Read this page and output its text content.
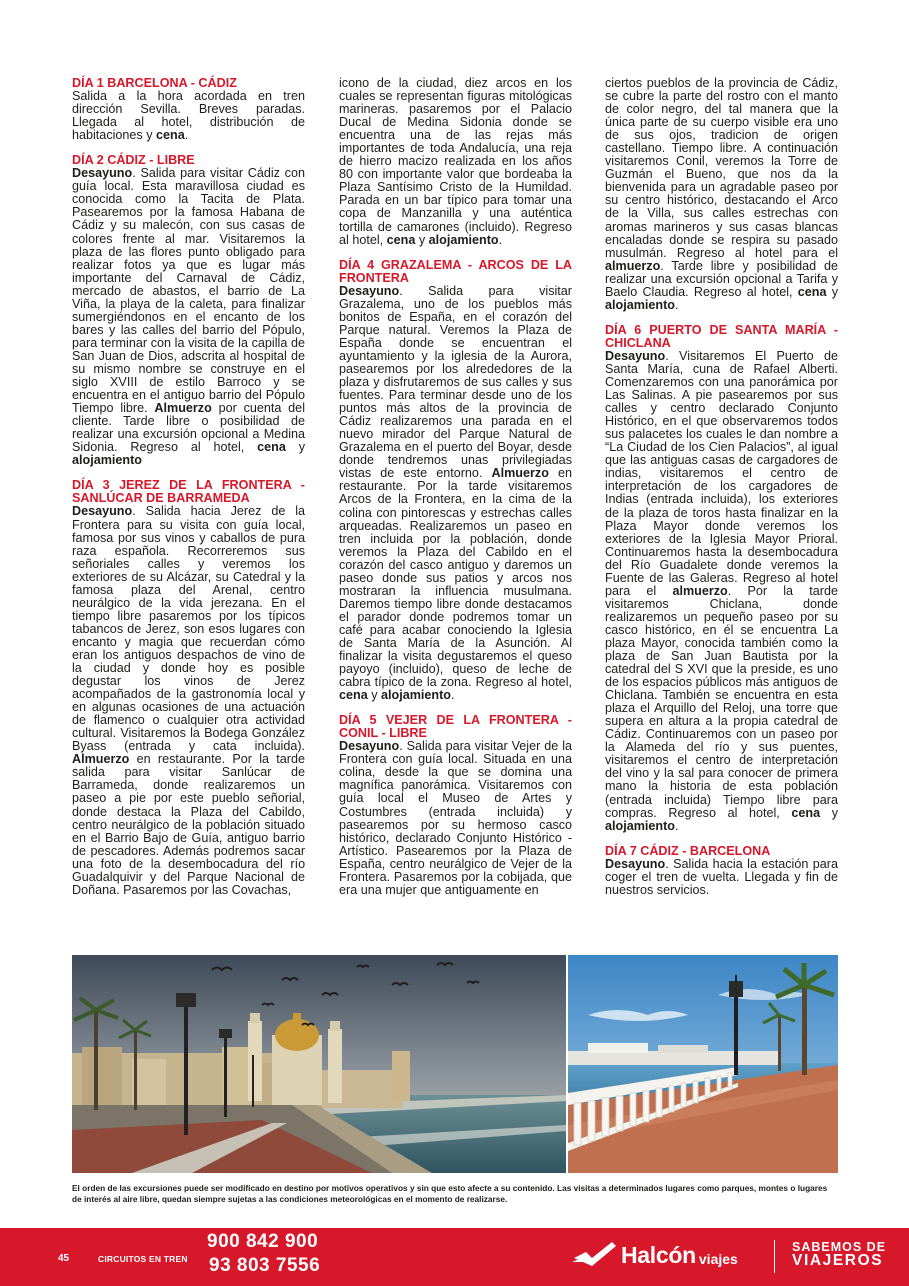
DÍA 1 BARCELONA - CÁDIZ

Salida a la hora acordada en tren dirección Sevilla. Breves paradas. Llegada al hotel, distribución de habitaciones y cena.

DÍA 2 CÁDIZ - LIBRE

Desayuno. Salida para visitar Cádiz con guía local. Esta maravillosa ciudad es conocida como la Tacita de Plata. Pasearemos por la famosa Habana de Cádiz y su malecón, con sus casas de colores frente al mar. Visitaremos la plaza de las flores punto obligado para realizar fotos ya que es lugar más importante del Carnaval de Cádiz, mercado de abastos, el barrio de La Viña, la playa de la caleta, para finalizar sumergiéndonos en el encanto de los bares y las calles del barrio del Pópulo, para terminar con la visita de la capilla de San Juan de Dios, adscrita al hospital de su mismo nombre se construye en el siglo XVIII de estilo Barroco y se encuentra en el antiguo barrio del Pópulo Tiempo libre. Almuerzo por cuenta del cliente. Tarde libre o posibilidad de realizar una excursión opcional a Medina Sidonia. Regreso al hotel, cena y alojamiento

DÍA 3 JEREZ DE LA FRONTERA - SANLÚCAR DE BARRAMEDA

Desayuno. Salida hacia Jerez de la Frontera para su visita con guía local, famosa por sus vinos y caballos de pura raza española. Recorreremos sus señoriales calles y veremos los exteriores de su Alcázar, su Catedral y la famosa plaza del Arenal, centro neurálgico de la vida jerezana. En el tiempo libre pasaremos por los típicos tabancos de Jerez, son esos lugares con encanto y magia que recuerdan cómo eran los antiguos despachos de vino de la ciudad y donde hoy es posible degustar los vinos de Jerez acompañados de la gastronomía local y en algunas ocasiones de una actuación de flamenco o cualquier otra actividad cultural. Visitaremos la Bodega González Byass (entrada y cata incluida). Almuerzo en restaurante. Por la tarde salida para visitar Sanlúcar de Barrameda, donde realizaremos un paseo a pie por este pueblo señorial, donde destaca la Plaza del Cabildo, centro neurálgico de la población situado en el Barrio Bajo de Guía, antiguo barrio de pescadores. Además podremos sacar una foto de la desembocadura del río Guadalquivir y del Parque Nacional de Doñana. Pasaremos por las Covachas,

icono de la ciudad, diez arcos en los cuales se representan figuras mitológicas marineras. pasaremos por el Palacio Ducal de Medina Sidonia donde se encuentra una de las rejas más importantes de toda Andalucía, una reja de hierro macizo realizada en los años 80 con importante valor que bordeaba la Plaza Santísimo Cristo de la Humildad. Parada en un bar típico para tomar una copa de Manzanilla y una auténtica tortilla de camarones (incluido). Regreso al hotel, cena y alojamiento.

DÍA 4 GRAZALEMA - ARCOS DE LA FRONTERA

Desayuno. Salida para visitar Grazalema, uno de los pueblos más bonitos de España, en el corazón del Parque natural. Veremos la Plaza de España donde se encuentran el ayuntamiento y la iglesia de la Aurora, pasearemos por los alrededores de la plaza y disfrutaremos de sus calles y sus fuentes. Para terminar desde uno de los puntos más altos de la provincia de Cádiz realizaremos una parada en el nuevo mirador del Parque Natural de Grazalema en el puerto del Boyar, desde donde tendremos unas privilegiadas vistas de este entorno. Almuerzo en restaurante. Por la tarde visitaremos Arcos de la Frontera, en la cima de la colina con pintorescas y estrechas calles arqueadas. Realizaremos un paseo en tren incluida por la población, donde veremos la Plaza del Cabildo en el corazón del casco antiguo y daremos un paseo donde sus patios y arcos nos mostraran la influencia musulmana. Daremos tiempo libre donde destacamos el parador donde podremos tomar un café para acabar conociendo la Iglesia de Santa María de la Asunción. Al finalizar la visita degustaremos el queso payoyo (incluido), queso de leche de cabra típico de la zona. Regreso al hotel, cena y alojamiento.

DÍA 5 VEJER DE LA FRONTERA - CONIL - LIBRE

Desayuno. Salida para visitar Vejer de la Frontera con guía local. Situada en una colina, desde la que se domina una magnífica panorámica. Visitaremos con guía local el Museo de Artes y Costumbres (entrada incluida) y pasearemos por su hermoso casco histórico, declarado Conjunto Histórico - Artístico. Pasearemos por la Plaza de España, centro neurálgico de Vejer de la Frontera. Pasaremos por la cobijada, que era una mujer que antiguamente en

ciertos pueblos de la provincia de Cádiz, se cubre la parte del rostro con el manto de color negro, del tal manera que la única parte de su cuerpo visible era uno de sus ojos, tradicion de origen castellano. Tiempo libre. A continuación visitaremos Conil, veremos la Torre de Guzmán el Bueno, que nos da la bienvenida para un agradable paseo por su centro histórico, destacando el Arco de la Villa, sus calles estrechas con aromas marineros y sus casas blancas encaladas donde se respira su pasado musulmán. Regreso al hotel para el almuerzo. Tarde libre y posibilidad de realizar una excursión opcional a Tarifa y Baelo Claudia. Regreso al hotel, cena y alojamiento.

DÍA 6 PUERTO DE SANTA MARÍA - CHICLANA

Desayuno. Visitaremos El Puerto de Santa María, cuna de Rafael Alberti. Comenzaremos con una panorámica por Las Salinas. A pie pasearemos por sus calles y centro declarado Conjunto Histórico, en el que observaremos todos sus palacetes los cuales le dan nombre a “La Ciudad de los Cien Palacios”, al igual que las antiguas casas de cargadores de indias, visitaremos el centro de interpretación de los cargadores de Indias (entrada incluida), los exteriores de la plaza de toros hasta finalizar en la Plaza Mayor donde veremos los exteriores de la Iglesia Mayor Prioral. Continuaremos hasta la desembocadura del Río Guadalete donde veremos la Fuente de las Galeras. Regreso al hotel para el almuerzo. Por la tarde visitaremos Chiclana, donde realizaremos un pequeño paseo por su casco histórico, en él se encuentra La plaza Mayor, conocida también como la plaza de San Juan Bautista por la catedral del S XVI que la preside, es uno de los espacios públicos más antiguos de Chiclana. También se encuentra en esta plaza el Arquillo del Reloj, una torre que supera en altura a la propia catedral de Cádiz. Continuaremos con un paseo por la Alameda del río y sus puentes, visitaremos el centro de interpretación del vino y la sal para conocer de primera mano la historia de esta población (entrada incluida) Tiempo libre para compras. Regreso al hotel, cena y alojamiento.

DÍA 7 CÁDIZ - BARCELONA

Desayuno. Salida hacia la estación para coger el tren de vuelta. Llegada y fin de nuestros servicios.

El orden de las excursiones puede ser modificado en destino por motivos operativos y sin que esto afecte a su contenido. Las visitas a determinados lugares como parques, montes o lugares de interés al aire libre, quedan siempre sujetas a las condiciones meteorológicas en el momento de realizarse.
45	CIRCUITOS EN TREN
900 842 900
93 803 7556	Halcón viajes
SABEMOS DE
VIAJEROS
